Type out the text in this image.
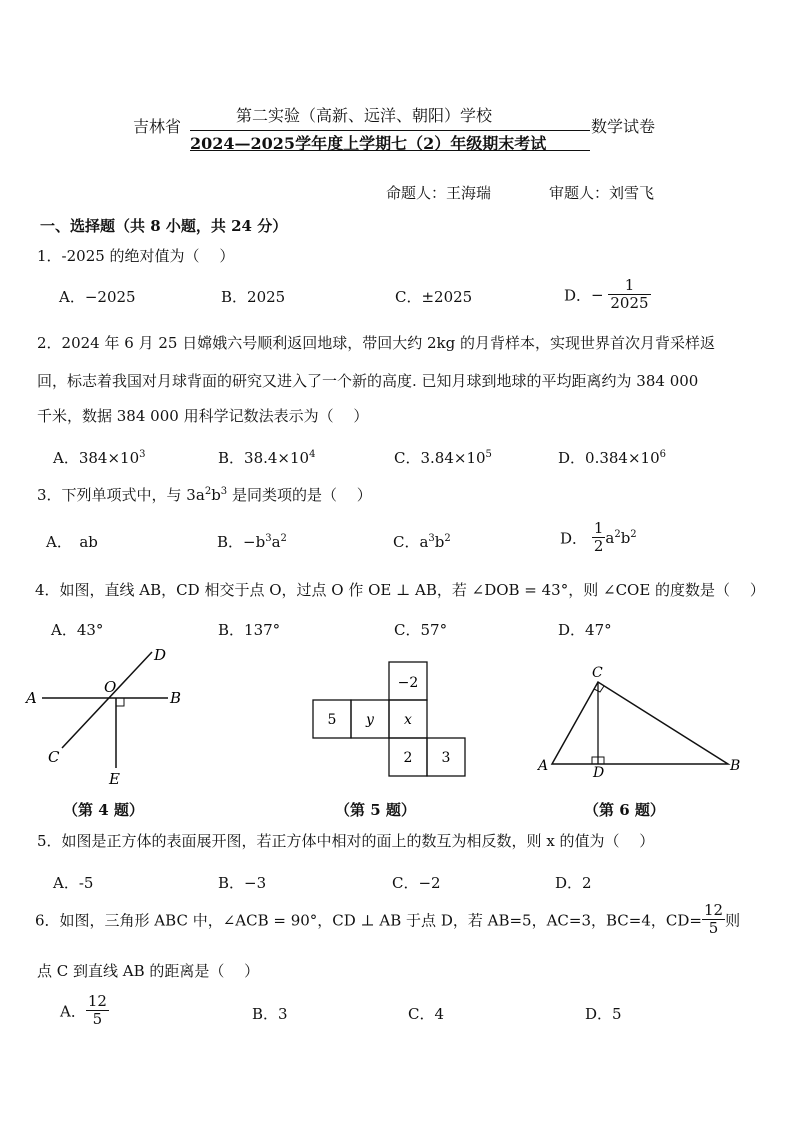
吉林省
第二实验（高新、远洋、朝阳）学校
2024—2025学年度上学期七（2）年级期末考试
数学试卷
命题人：王海瑞	审题人：刘雪飞
一、选择题（共 8 小题，共 24 分）
1．-2025 的绝对值为（　 ）
A．−2025	B．2025	C．±2025	D．− $\frac{1}{2025}$
2．2024 年 6 月 25 日嫦娥六号顺利返回地球，带回大约 2kg 的月背样本，实现世界首次月背采样返
回，标志着我国对月球背面的研究又进入了一个新的高度. 已知月球到地球的平均距离约为 384 000
千米，数据 384 000 用科学记数法表示为（　 ）
A．$384\times 10^3$	B．$38.4\times 10^4$	C．$3.84\times 10^5$	D．$0.384\times 10^6$
3．下列单项式中，与 $3a^2b^3$ 是同类项的是（　 ）
A．　ab	B．$-b^3a^2$	C．$a^3b^2$	D． $\frac{1}{2} a^2b^2$
4．如图，直线 AB，CD 相交于点 O，过点 O 作 OE ⊥ AB，若 ∠DOB = 43°，则 ∠COE 的度数是（　 ）
A．43°	B．137°	C．57°	D．47°
A	B
C
D
O
E
（第 4 题）
−2
5 y x
2 3
（第 5 题）
C
A	B
D
（第 6 题）
5．如图是正方体的表面展开图，若正方体中相对的面上的数互为相反数，则 x 的值为（　 ）
A．-5	B．−3	C．−2	D．2
6．如图，三角形 ABC 中，∠ACB = 90°，CD ⊥ AB 于点 D，若 AB=5，AC=3，BC=4，$CD= \frac{12}{5}$ 则
点 C 到直线 AB 的距离是（　 ）
A． $\frac{12}{5}$	B．3	C．4	D．5
